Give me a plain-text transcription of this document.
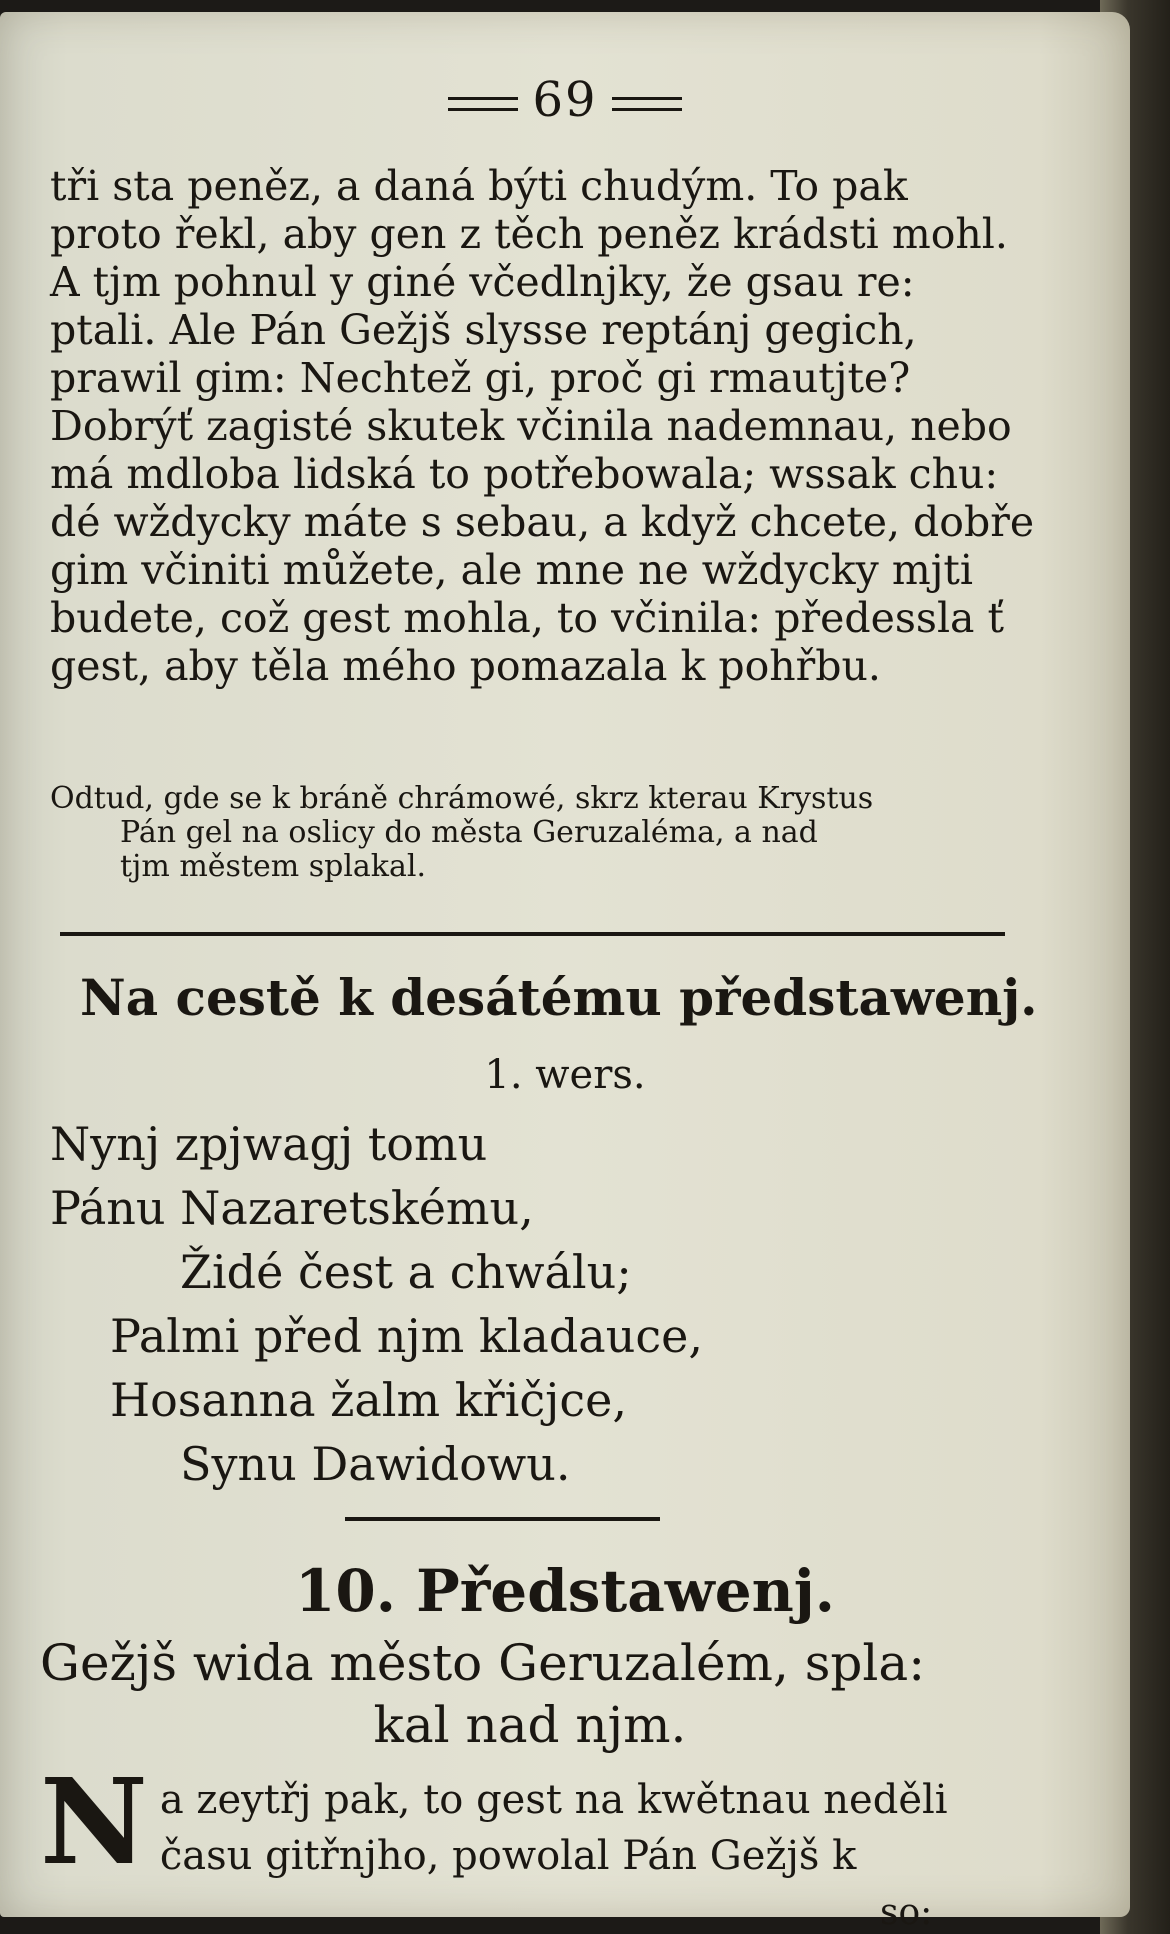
69
tři sta peněz, a daná býti chudým. To pak
proto řekl, aby gen z těch peněz krádsti mohl.
A tjm pohnul y giné včedlnjky, že gsau re:
ptali. Ale Pán Gežjš slysse reptánj gegich,
prawil gim: Nechtež gi, proč gi rmautjte?
Dobrýť zagisté skutek včinila nademnau, nebo
má mdloba lidská to potřebowala; wssak chu:
dé wždycky máte s sebau, a když chcete, dobře
gim včiniti můžete, ale mne ne wždycky mjti
budete, což gest mohla, to včinila: předessla ť
gest, aby těla mého pomazala k pohřbu.
Odtud, gde se k bráně chrámowé, skrz kterau Krystus
Pán gel na oslicy do města Geruzaléma, a nad
tjm městem splakal.
Na cestě k desátému předstawenj.
1. wers.
Nynj zpjwagj tomu
Pánu Nazaretskému,
Židé čest a chwálu;
Palmi před njm kladauce,
Hosanna žalm křičjce,
Synu Dawidowu.
10. Předstawenj.
Gežjš wida město Geruzalém, spla:
kal nad njm.
N a zeytřj pak, to gest na kwětnau neděli
času gitřnjho, powolal Pán Gežjš k
so:
